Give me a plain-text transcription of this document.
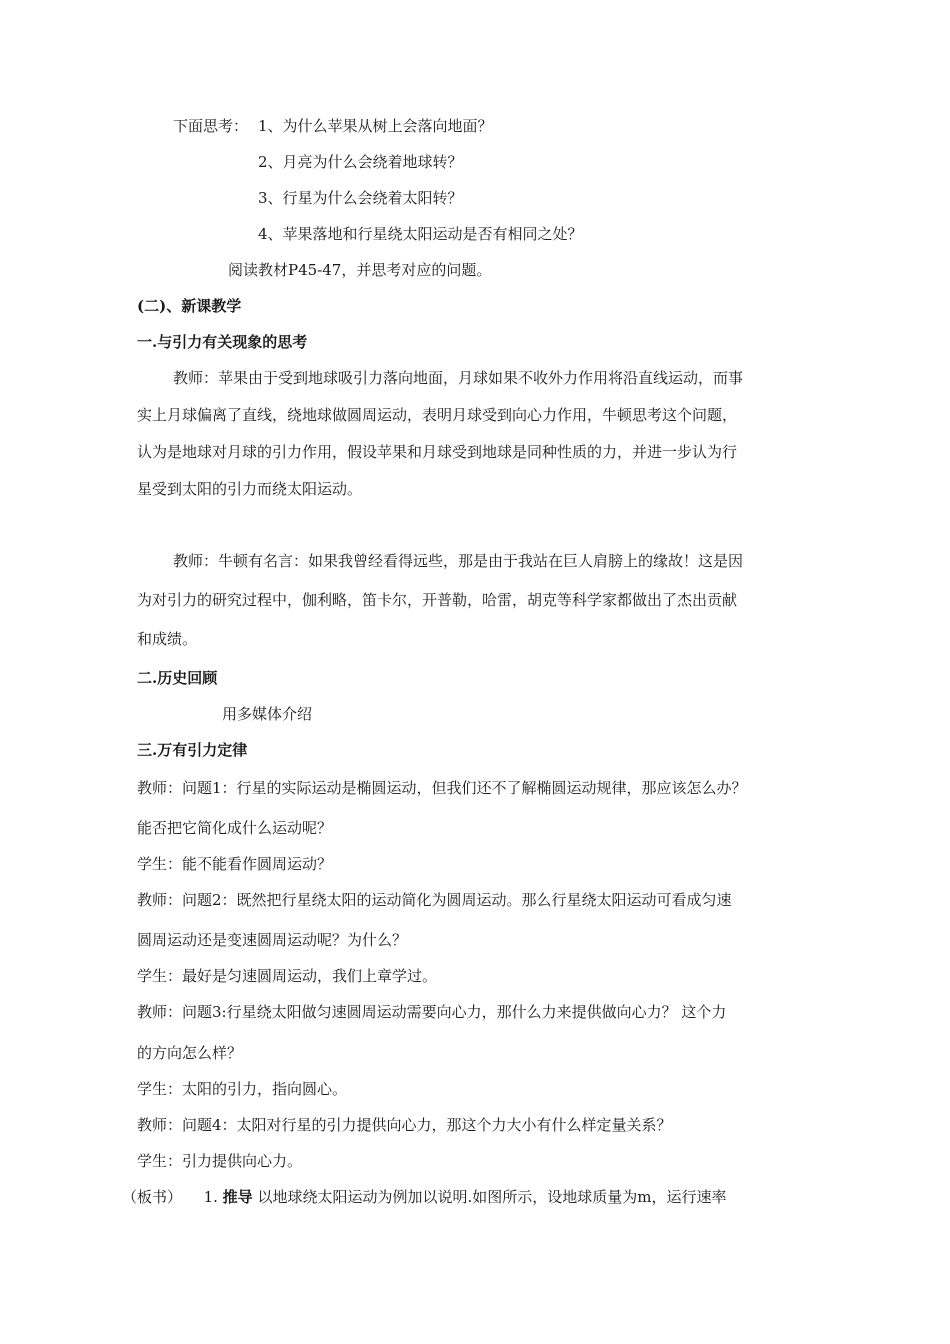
下面思考： 1、为什么苹果从树上会落向地面？
2、月亮为什么会绕着地球转？
3、行星为什么会绕着太阳转？
4、苹果落地和行星绕太阳运动是否有相同之处？
阅读教材P45-47，并思考对应的问题。
(二)、新课教学
一.与引力有关现象的思考
教师：苹果由于受到地球吸引力落向地面，月球如果不收外力作用将沿直线运动，而事
实上月球偏离了直线，绕地球做圆周运动，表明月球受到向心力作用，牛顿思考这个问题，
认为是地球对月球的引力作用，假设苹果和月球受到地球是同种性质的力，并进一步认为行
星受到太阳的引力而绕太阳运动。
教师：牛顿有名言：如果我曾经看得远些，那是由于我站在巨人肩膀上的缘故！这是因
为对引力的研究过程中，伽利略，笛卡尔，开普勒，哈雷，胡克等科学家都做出了杰出贡献
和成绩。
二.历史回顾
用多媒体介绍
三.万有引力定律
教师：问题1：行星的实际运动是椭圆运动，但我们还不了解椭圆运动规律，那应该怎么办？
能否把它简化成什么运动呢？
学生：能不能看作圆周运动？
教师：问题2：既然把行星绕太阳的运动简化为圆周运动。那么行星绕太阳运动可看成匀速
圆周运动还是变速圆周运动呢？为什么？
学生：最好是匀速圆周运动，我们上章学过。
教师：问题3:行星绕太阳做匀速圆周运动需要向心力，那什么力来提供做向心力？ 这个力
的方向怎么样？
学生：太阳的引力，指向圆心。
教师：问题4：太阳对行星的引力提供向心力，那这个力大小有什么样定量关系？
学生：引力提供向心力。
（板书） 1. 推导 以地球绕太阳运动为例加以说明.如图所示，设地球质量为m，运行速率
